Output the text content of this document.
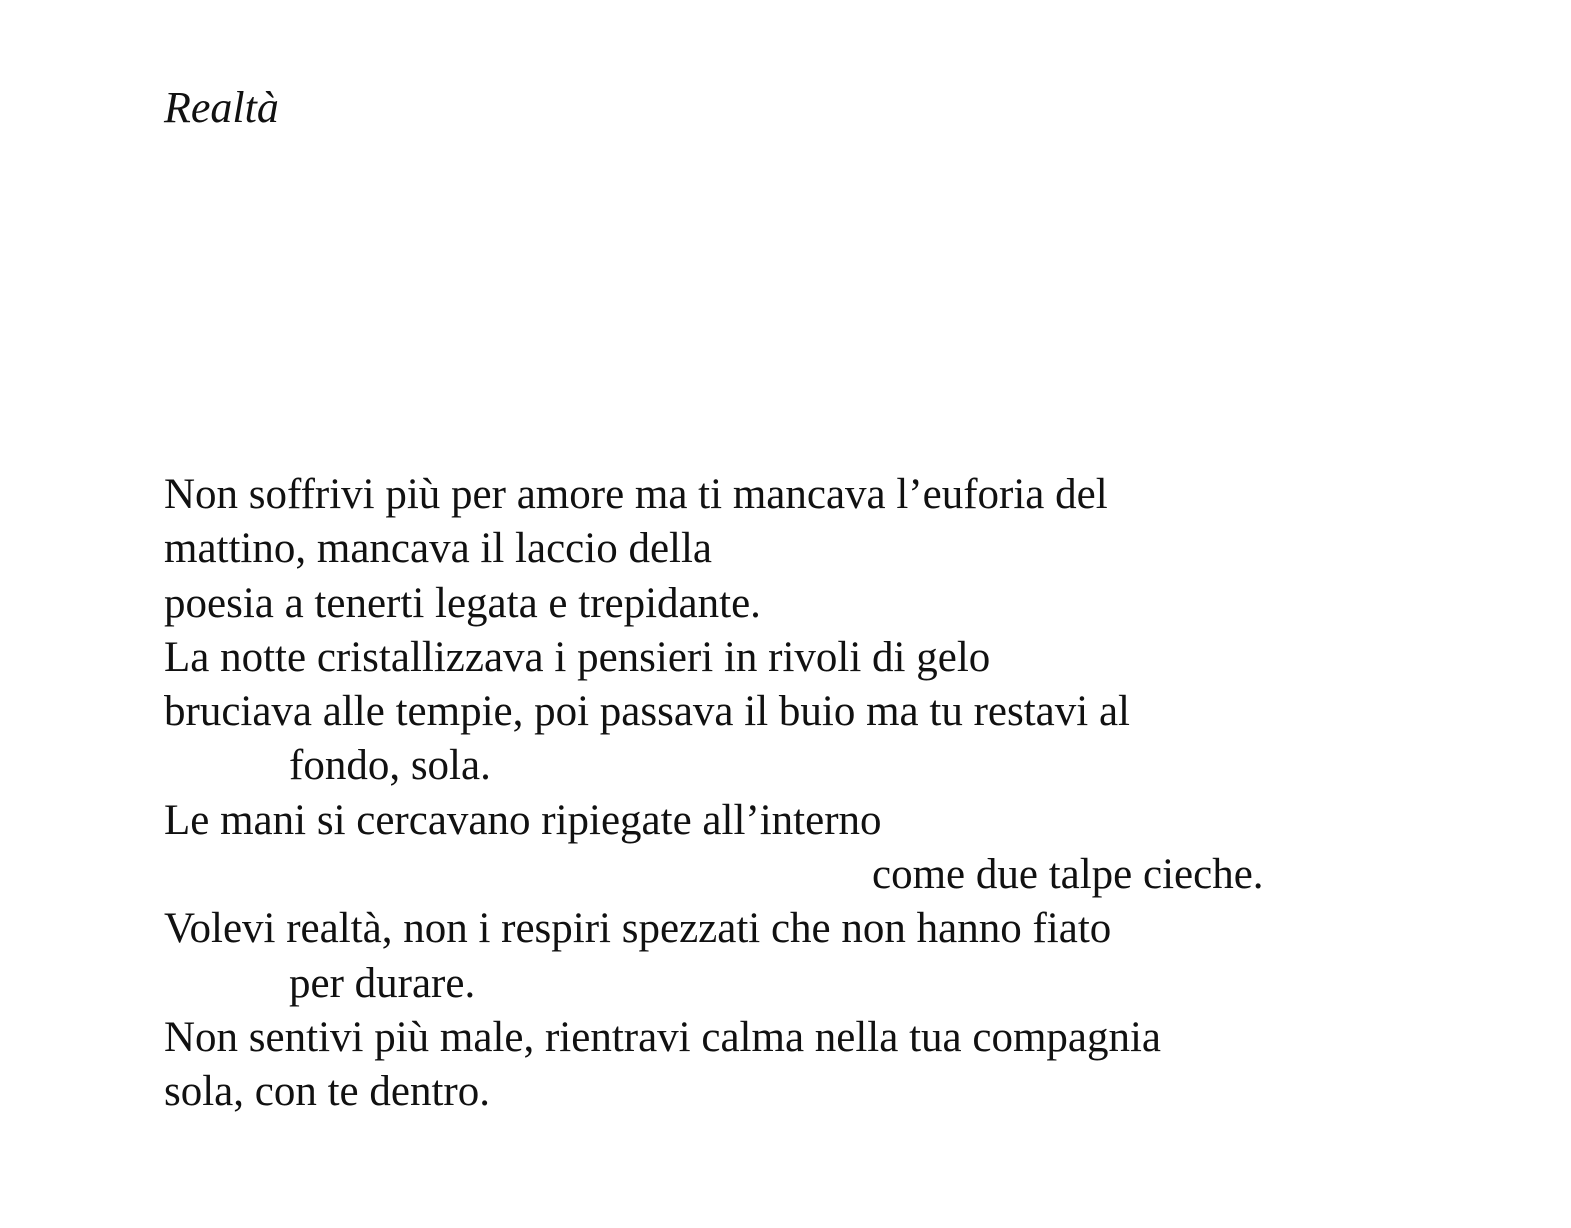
Realtà
Non soffrivi più per amore ma ti mancava l’euforia del
mattino, mancava il laccio della
poesia a tenerti legata e trepidante.
La notte cristallizzava i pensieri in rivoli di gelo
bruciava alle tempie, poi passava il buio ma tu restavi al
fondo, sola.
Le mani si cercavano ripiegate all’interno
come due talpe cieche.
Volevi realtà, non i respiri spezzati che non hanno fiato
per durare.
Non sentivi più male, rientravi calma nella tua compagnia
sola, con te dentro.
